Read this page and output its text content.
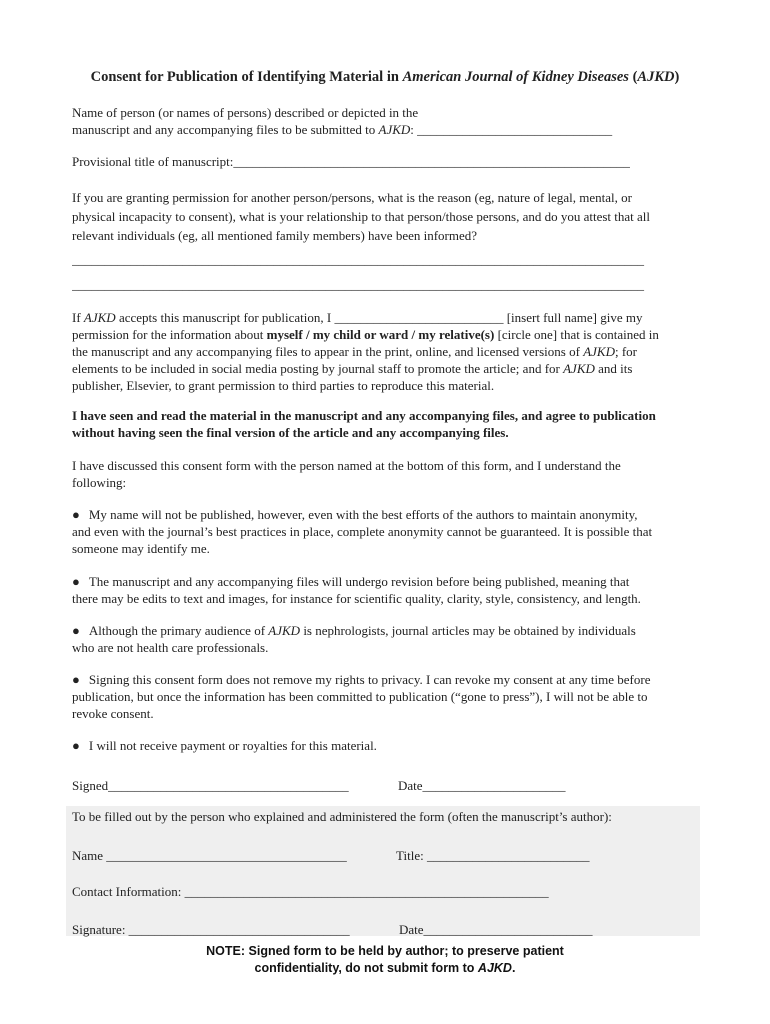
Consent for Publication of Identifying Material in American Journal of Kidney Diseases (AJKD)
Name of person (or names of persons) described or depicted in the
manuscript and any accompanying files to be submitted to AJKD: ______________________________
Provisional title of manuscript:_____________________________________________________________
If you are granting permission for another person/persons, what is the reason (eg, nature of legal, mental, or
physical incapacity to consent), what is your relationship to that person/those persons, and do you attest that all
relevant individuals (eg, all mentioned family members) have been informed?
________________________________________________________________________________________
________________________________________________________________________________________
If AJKD accepts this manuscript for publication, I __________________________ [insert full name] give my
permission for the information about myself / my child or ward / my relative(s) [circle one] that is contained in
the manuscript and any accompanying files to appear in the print, online, and licensed versions of AJKD; for
elements to be included in social media posting by journal staff to promote the article; and for AJKD and its
publisher, Elsevier, to grant permission to third parties to reproduce this material.
I have seen and read the material in the manuscript and any accompanying files, and agree to publication
without having seen the final version of the article and any accompanying files.
I have discussed this consent form with the person named at the bottom of this form, and I understand the
following:
● My name will not be published, however, even with the best efforts of the authors to maintain anonymity,
and even with the journal’s best practices in place, complete anonymity cannot be guaranteed. It is possible that
someone may identify me.
● The manuscript and any accompanying files will undergo revision before being published, meaning that
there may be edits to text and images, for instance for scientific quality, clarity, style, consistency, and length.
● Although the primary audience of AJKD is nephrologists, journal articles may be obtained by individuals
who are not health care professionals.
● Signing this consent form does not remove my rights to privacy. I can revoke my consent at any time before
publication, but once the information has been committed to publication (“gone to press”), I will not be able to
revoke consent.
● I will not receive payment or royalties for this material.
Signed_____________________________________	Date______________________
To be filled out by the person who explained and administered the form (often the manuscript’s author):
Name _____________________________________	Title: _________________________
Contact Information: ________________________________________________________
Signature: __________________________________	Date__________________________
NOTE: Signed form to be held by author; to preserve patient
confidentiality, do not submit form to AJKD.
